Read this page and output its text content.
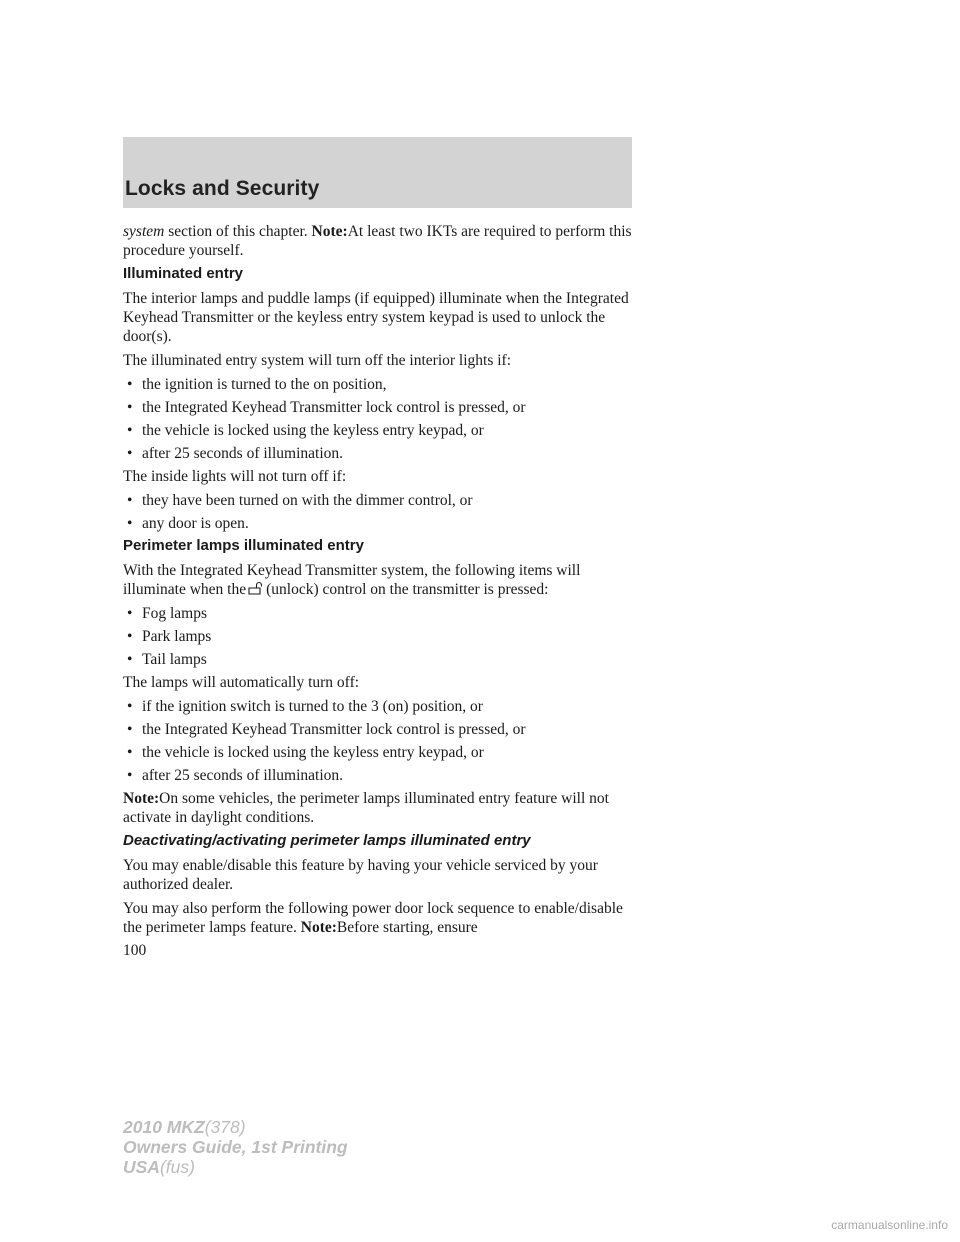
Locks and Security

system section of this chapter. Note:At least two IKTs are required to perform this procedure yourself.

Illuminated entry

The interior lamps and puddle lamps (if equipped) illuminate when the Integrated Keyhead Transmitter or the keyless entry system keypad is used to unlock the door(s).

The illuminated entry system will turn off the interior lights if:

• the ignition is turned to the on position,
• the Integrated Keyhead Transmitter lock control is pressed, or
• the vehicle is locked using the keyless entry keypad, or
• after 25 seconds of illumination.

The inside lights will not turn off if:

• they have been turned on with the dimmer control, or
• any door is open.
Perimeter lamps illuminated entry

With the Integrated Keyhead Transmitter system, the following items will illuminate when the (unlock) control on the transmitter is pressed:

• Fog lamps
• Park lamps
• Tail lamps

The lamps will automatically turn off:

• if the ignition switch is turned to the 3 (on) position, or
• the Integrated Keyhead Transmitter lock control is pressed, or
• the vehicle is locked using the keyless entry keypad, or
• after 25 seconds of illumination.

Note:On some vehicles, the perimeter lamps illuminated entry feature will not activate in daylight conditions.

Deactivating/activating perimeter lamps illuminated entry

You may enable/disable this feature by having your vehicle serviced by your authorized dealer.

You may also perform the following power door lock sequence to enable/disable the perimeter lamps feature. Note:Before starting, ensure

100
2010 MKZ(378)
Owners Guide, 1st Printing
USA(fus)
carmanualsonline.info
